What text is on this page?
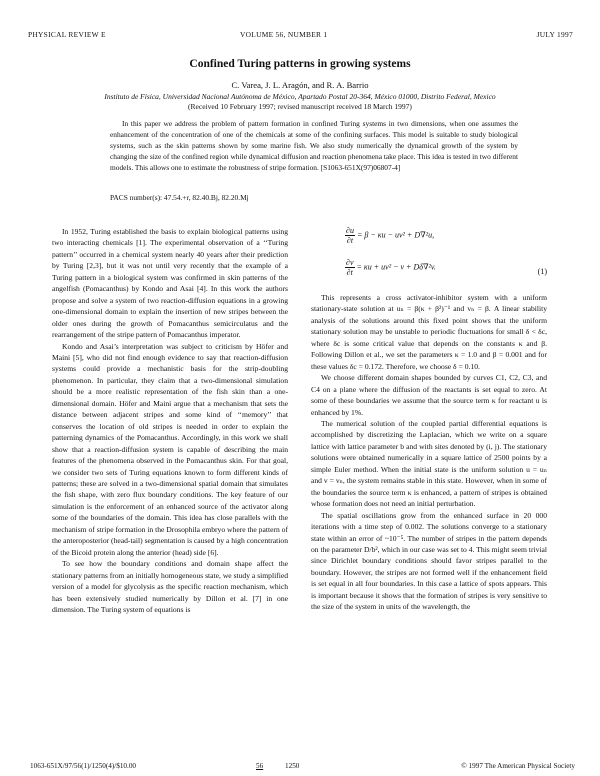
PHYSICAL REVIEW E	VOLUME 56, NUMBER 1	JULY 1997
Confined Turing patterns in growing systems
C. Varea, J. L. Aragón, and R. A. Barrio
Instituto de Física, Universidad Nacional Autónoma de México, Apartado Postal 20-364, México 01000, Distrito Federal, Mexico
(Received 10 February 1997; revised manuscript received 18 March 1997)
In this paper we address the problem of pattern formation in confined Turing systems in two dimensions, when one assumes the enhancement of the concentration of one of the chemicals at some of the confining surfaces. This model is suitable to study biological systems, such as the skin patterns shown by some marine fish. We also study numerically the dynamical growth of the system by changing the size of the confined region while dynamical diffusion and reaction phenomena take place. This idea is tested in two different models. This allows one to estimate the robustness of stripe formation. [S1063-651X(97)06807-4]
PACS number(s): 47.54.+r, 82.40.Bj, 82.20.Mj

In 1952, Turing established the basis to explain biological patterns using two interacting chemicals [1]. The experimental observation of a ‘‘Turing pattern’’ occurred in a chemical system nearly 40 years after their prediction by Turing [2,3], but it was not until very recently that the example of a Turing pattern in a biological system was confirmed in skin patterns of the angelfish (Pomacanthus) by Kondo and Asai [4]. In this work the authors propose and solve a system of two reaction-diffusion equations in a growing one-dimensional domain to explain the insertion of new stripes between the older ones during the growth of Pomacanthus semicirculatus and the rearrangement of the stripe pattern of Pomacanthus imperator.

Kondo and Asai’s interpretation was subject to criticism by Höfer and Maini [5], who did not find enough evidence to say that reaction-diffusion systems could provide a mechanistic basis for the strip-doubling phenomenon. In particular, they claim that a two-dimensional simulation should be a more realistic representation of the fish skin than a one-dimensional domain. Höfer and Maini argue that a mechanism that sets the distance between adjacent stripes and some kind of ‘‘memory’’ that conserves the location of old stripes is needed in order to explain the patterning dynamics of the Pomacanthus. Accordingly, in this work we shall show that a reaction-diffusion system is capable of describing the main features of the phenomena observed in the Pomacanthus skin. For that goal, we consider two sets of Turing equations known to form different kinds of patterns; these are solved in a two-dimensional spatial domain that simulates the fish shape, with zero flux boundary conditions. The key feature of our simulation is the enforcement of an enhanced source of the activator along some of the boundaries of the domain. This idea has close parallels with the mechanism of stripe formation in the Drosophila embryo where the pattern of the anteroposterior (head-tail) segmentation is caused by a high concentration of the Bicoid protein along the anterior (head) side [6].

To see how the boundary conditions and domain shape affect the stationary patterns from an initially homogeneous state, we study a simplified version of a model for glycolysis as the specific reaction mechanism, which has been extensively studied numerically by Dillon et al. [7] in one dimension. The Turing system of equations is

$\frac{\partial u}{\partial t} = \beta - \kappa u - uv^2 + D\nabla^2u$,
$\frac{\partial v}{\partial t} = \kappa u + uv^2 - v + D\delta\nabla^2v$.
(1)

This represents a cross activator-inhibitor system with a uniform stationary-state solution at uₙ = β(κ + β²)⁻¹ and vₙ = β. A linear stability analysis of the solutions around this fixed point shows that the uniform stationary solution may be unstable to periodic fluctuations for small δ < δc, where δc is some critical value that depends on the constants κ and β. Following Dillon et al., we set the parameters κ = 1.0 and β = 0.001 and for these values δc = 0.172. Therefore, we choose δ = 0.10.

We choose different domain shapes bounded by curves C1, C2, C3, and C4 on a plane where the diffusion of the reactants is set equal to zero. At some of these boundaries we assume that the source term κ for reactant u is enhanced by 1%.

The numerical solution of the coupled partial differential equations is accomplished by discretizing the Laplacian, which we write on a square lattice with lattice parameter b and with sites denoted by (i, j). The stationary solutions were obtained numerically in a square lattice of 2500 points by a simple Euler method. When the initial state is the uniform solution u = uₙ and v = vₙ, the system remains stable in this state. However, when in some of the boundaries the source term κ is enhanced, a pattern of stripes is obtained whose formation does not need an initial perturbation.

The spatial oscillations grow from the enhanced surface in 20 000 iterations with a time step of 0.002. The solutions converge to a stationary state within an error of ~10⁻⁵. The number of stripes in the pattern depends on the parameter D/b², which in our case was set to 4. This might seem trivial since Dirichlet boundary conditions should favor stripes parallel to the boundary. However, the stripes are not formed well if the enhancement field is set equal in all four boundaries. In this case a lattice of spots appears. This is important because it shows that the formation of stripes is very sensitive to the size of the system in units of the wavelength, the

1063-651X/97/56(1)/1250(4)/$10.00	56	1250	© 1997 The American Physical Society
